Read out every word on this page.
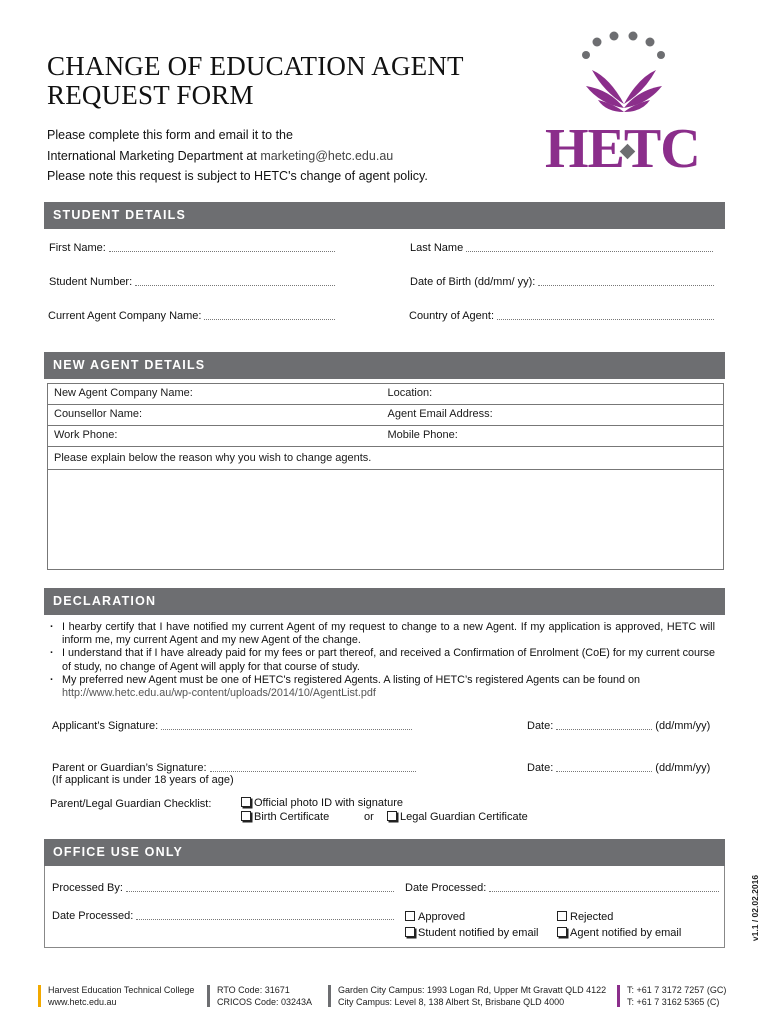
CHANGE OF EDUCATION AGENT
REQUEST FORM
Please complete this form and email it to the
International Marketing Department at marketing@hetc.edu.au
Please note this request is subject to HETC's change of agent policy. HETC
STUDENT DETAILS
First Name:	Last Name
Student Number:	Date of Birth (dd/mm/ yy):
Current Agent Company Name:	Country of Agent:
NEW AGENT DETAILS
New Agent Company Name:	Location:
Counsellor Name:	Agent Email Address:
Work Phone:	Mobile Phone:
Please explain below the reason why you wish to change agents.
DECLARATION
· I hearby certify that I have notified my current Agent of my request to change to a new Agent. If my application is approved, HETC will inform me, my current Agent and my new Agent of the change.
· I understand that if I have already paid for my fees or part thereof, and received a Confirmation of Enrolment (CoE) for my current course of study, no change of Agent will apply for that course of study.
· My preferred new Agent must be one of HETC's registered Agents. A listing of HETC’s registered Agents can be found on
http://www.hetc.edu.au/wp-content/uploads/2014/10/AgentList.pdf
Applicant’s Signature:	Date:	(dd/mm/yy)
Parent or Guardian’s Signature:
(If applicant is under 18 years of age)
Date:	(dd/mm/yy)
Parent/Legal Guardian Checklist:	Official photo ID with signature
Birth Certificate	or	Legal Guardian Certificate
OFFICE USE ONLY
Processed By:	Date Processed:
Date Processed:	Approved	Rejected
Student notified by email	Agent notified by email	v1.1 / 02.02.2016
Harvest Education Technical College
www.hetc.edu.au
RTO Code: 31671
CRICOS Code: 03243A
Garden City Campus: 1993 Logan Rd, Upper Mt Gravatt QLD 4122
City Campus: Level 8, 138 Albert St, Brisbane QLD 4000
T: +61 7 3172 7257 (GC)
T: +61 7 3162 5365 (C)
